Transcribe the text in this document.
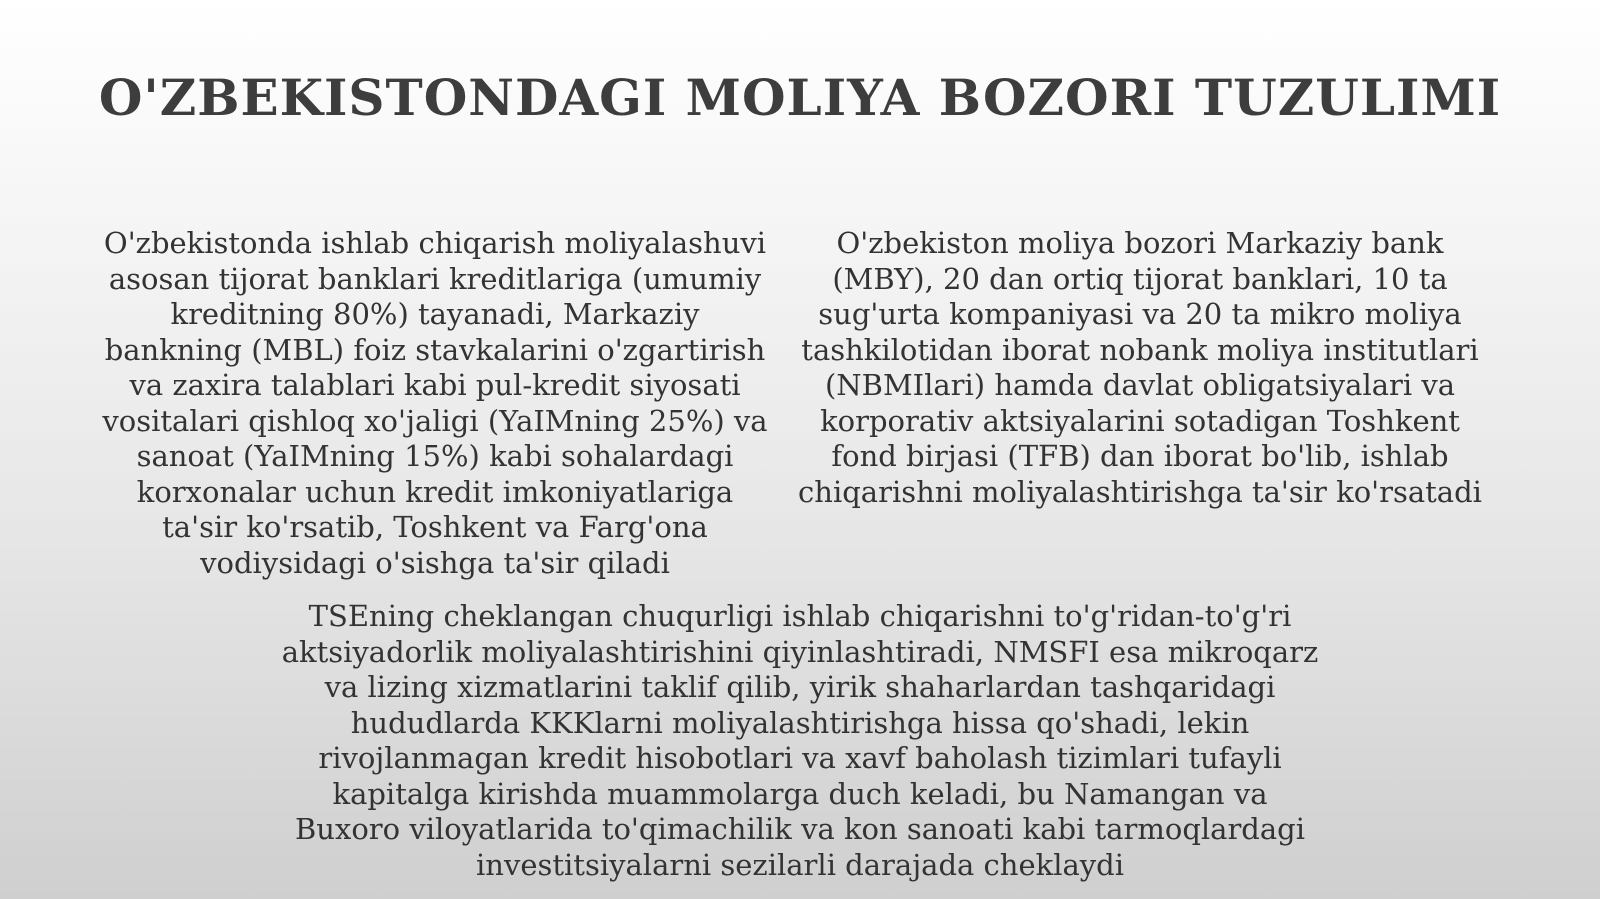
O'ZBEKISTONDAGI MOLIYA BOZORI TUZULIMI
O'zbekistonda ishlab chiqarish moliyalashuvi asosan tijorat banklari kreditlariga (umumiy kreditning 80%) tayanadi, Markaziy bankning (MBL) foiz stavkalarini o'zgartirish va zaxira talablari kabi pul-kredit siyosati vositalari qishloq xo'jaligi (YaIMning 25%) va sanoat (YaIMning 15%) kabi sohalardagi korxonalar uchun kredit imkoniyatlariga ta'sir ko'rsatib, Toshkent va Farg'ona vodiysidagi o'sishga ta'sir qiladi
O'zbekiston moliya bozori Markaziy bank (MBY), 20 dan ortiq tijorat banklari, 10 ta sug'urta kompaniyasi va 20 ta mikro moliya tashkilotidan iborat nobank moliya institutlari (NBMIlari) hamda davlat obligatsiyalari va korporativ aktsiyalarini sotadigan Toshkent fond birjasi (TFB) dan iborat bo'lib, ishlab chiqarishni moliyalashtirishga ta'sir ko'rsatadi
TSEning cheklangan chuqurligi ishlab chiqarishni to'g'ridan-to'g'ri aktsiyadorlik moliyalashtirishini qiyinlashtiradi, NMSFI esa mikroqarz va lizing xizmatlarini taklif qilib, yirik shaharlardan tashqaridagi hududlarda KKKlarni moliyalashtirishga hissa qo'shadi, lekin rivojlanmagan kredit hisobotlari va xavf baholash tizimlari tufayli kapitalga kirishda muammolarga duch keladi, bu Namangan va Buxoro viloyatlarida to'qimachilik va kon sanoati kabi tarmoqlardagi investitsiyalarni sezilarli darajada cheklaydi
